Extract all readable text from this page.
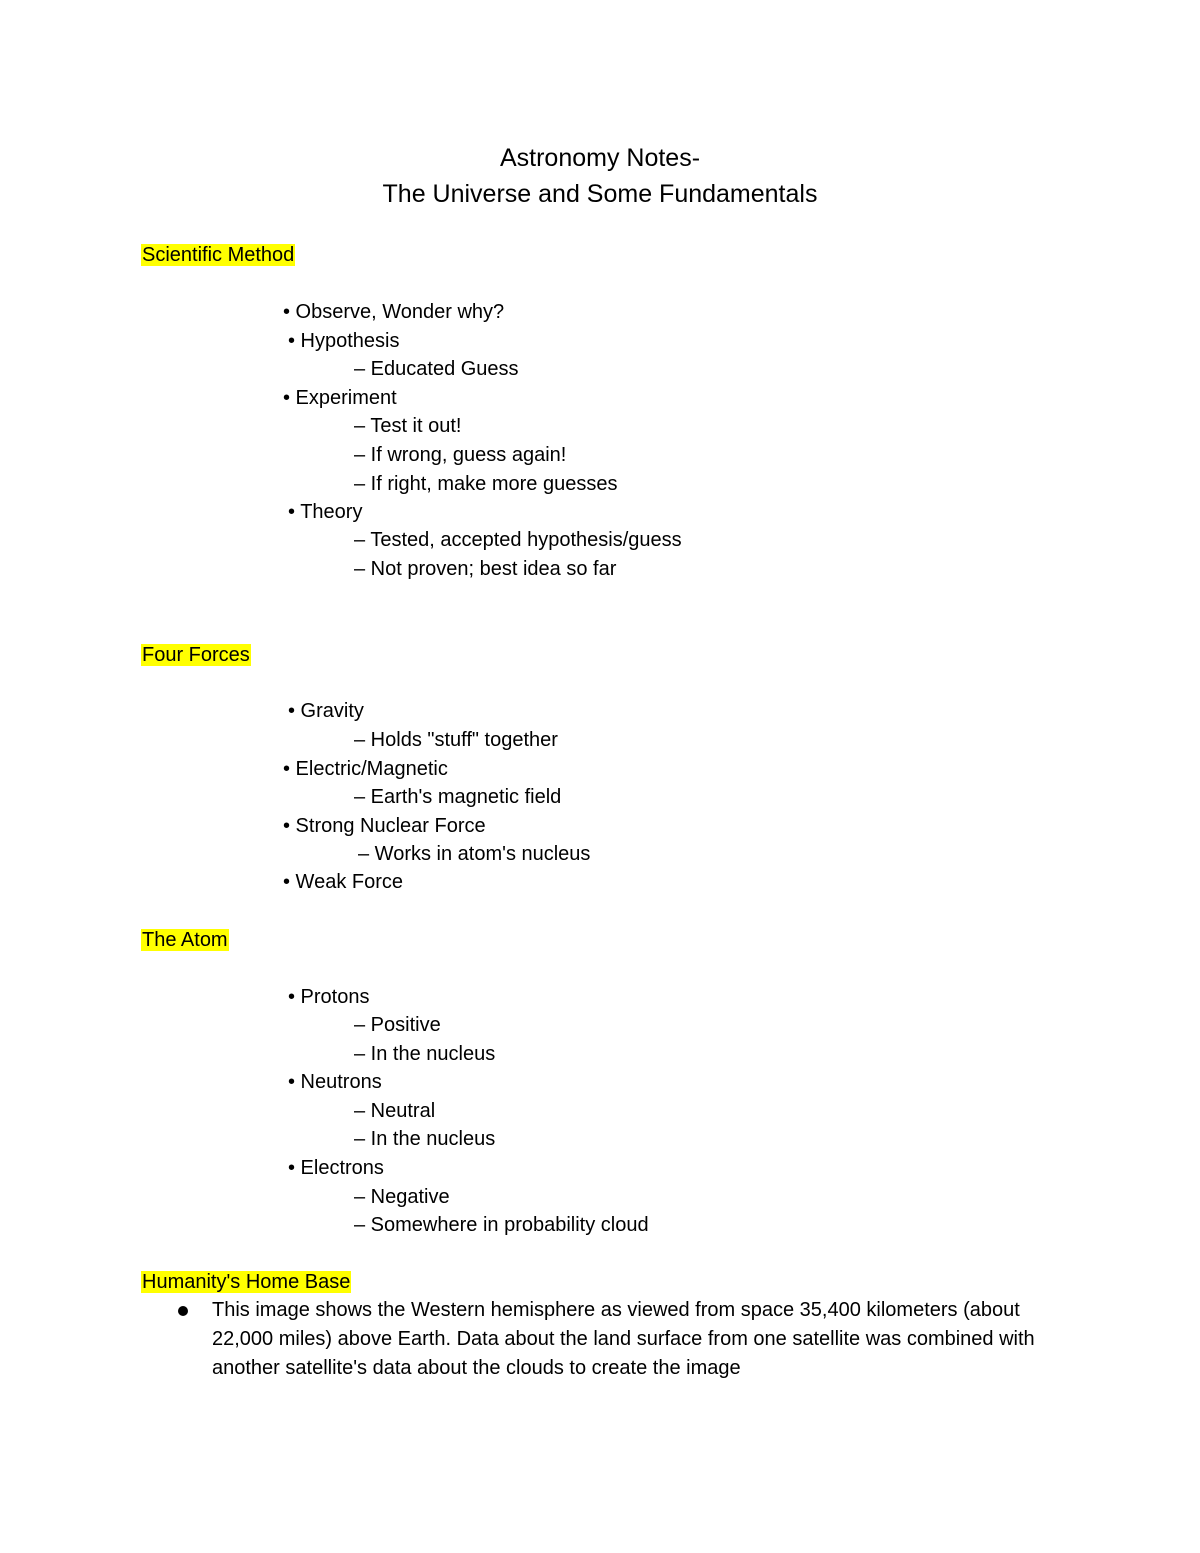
Astronomy Notes-
The Universe and Some Fundamentals
Scientific Method
• Observe, Wonder why?
• Hypothesis
– Educated Guess
• Experiment
– Test it out!
– If wrong, guess again!
– If right, make more guesses
• Theory
– Tested, accepted hypothesis/guess
– Not proven; best idea so far
Four Forces
• Gravity
– Holds "stuff" together
• Electric/Magnetic
– Earth's magnetic field
• Strong Nuclear Force
– Works in atom's nucleus
• Weak Force
The Atom
• Protons
– Positive
– In the nucleus
• Neutrons
– Neutral
– In the nucleus
• Electrons
– Negative
– Somewhere in probability cloud
Humanity's Home Base
This image shows the Western hemisphere as viewed from space 35,400 kilometers (about 22,000 miles) above Earth. Data about the land surface from one satellite was combined with another satellite's data about the clouds to create the image
